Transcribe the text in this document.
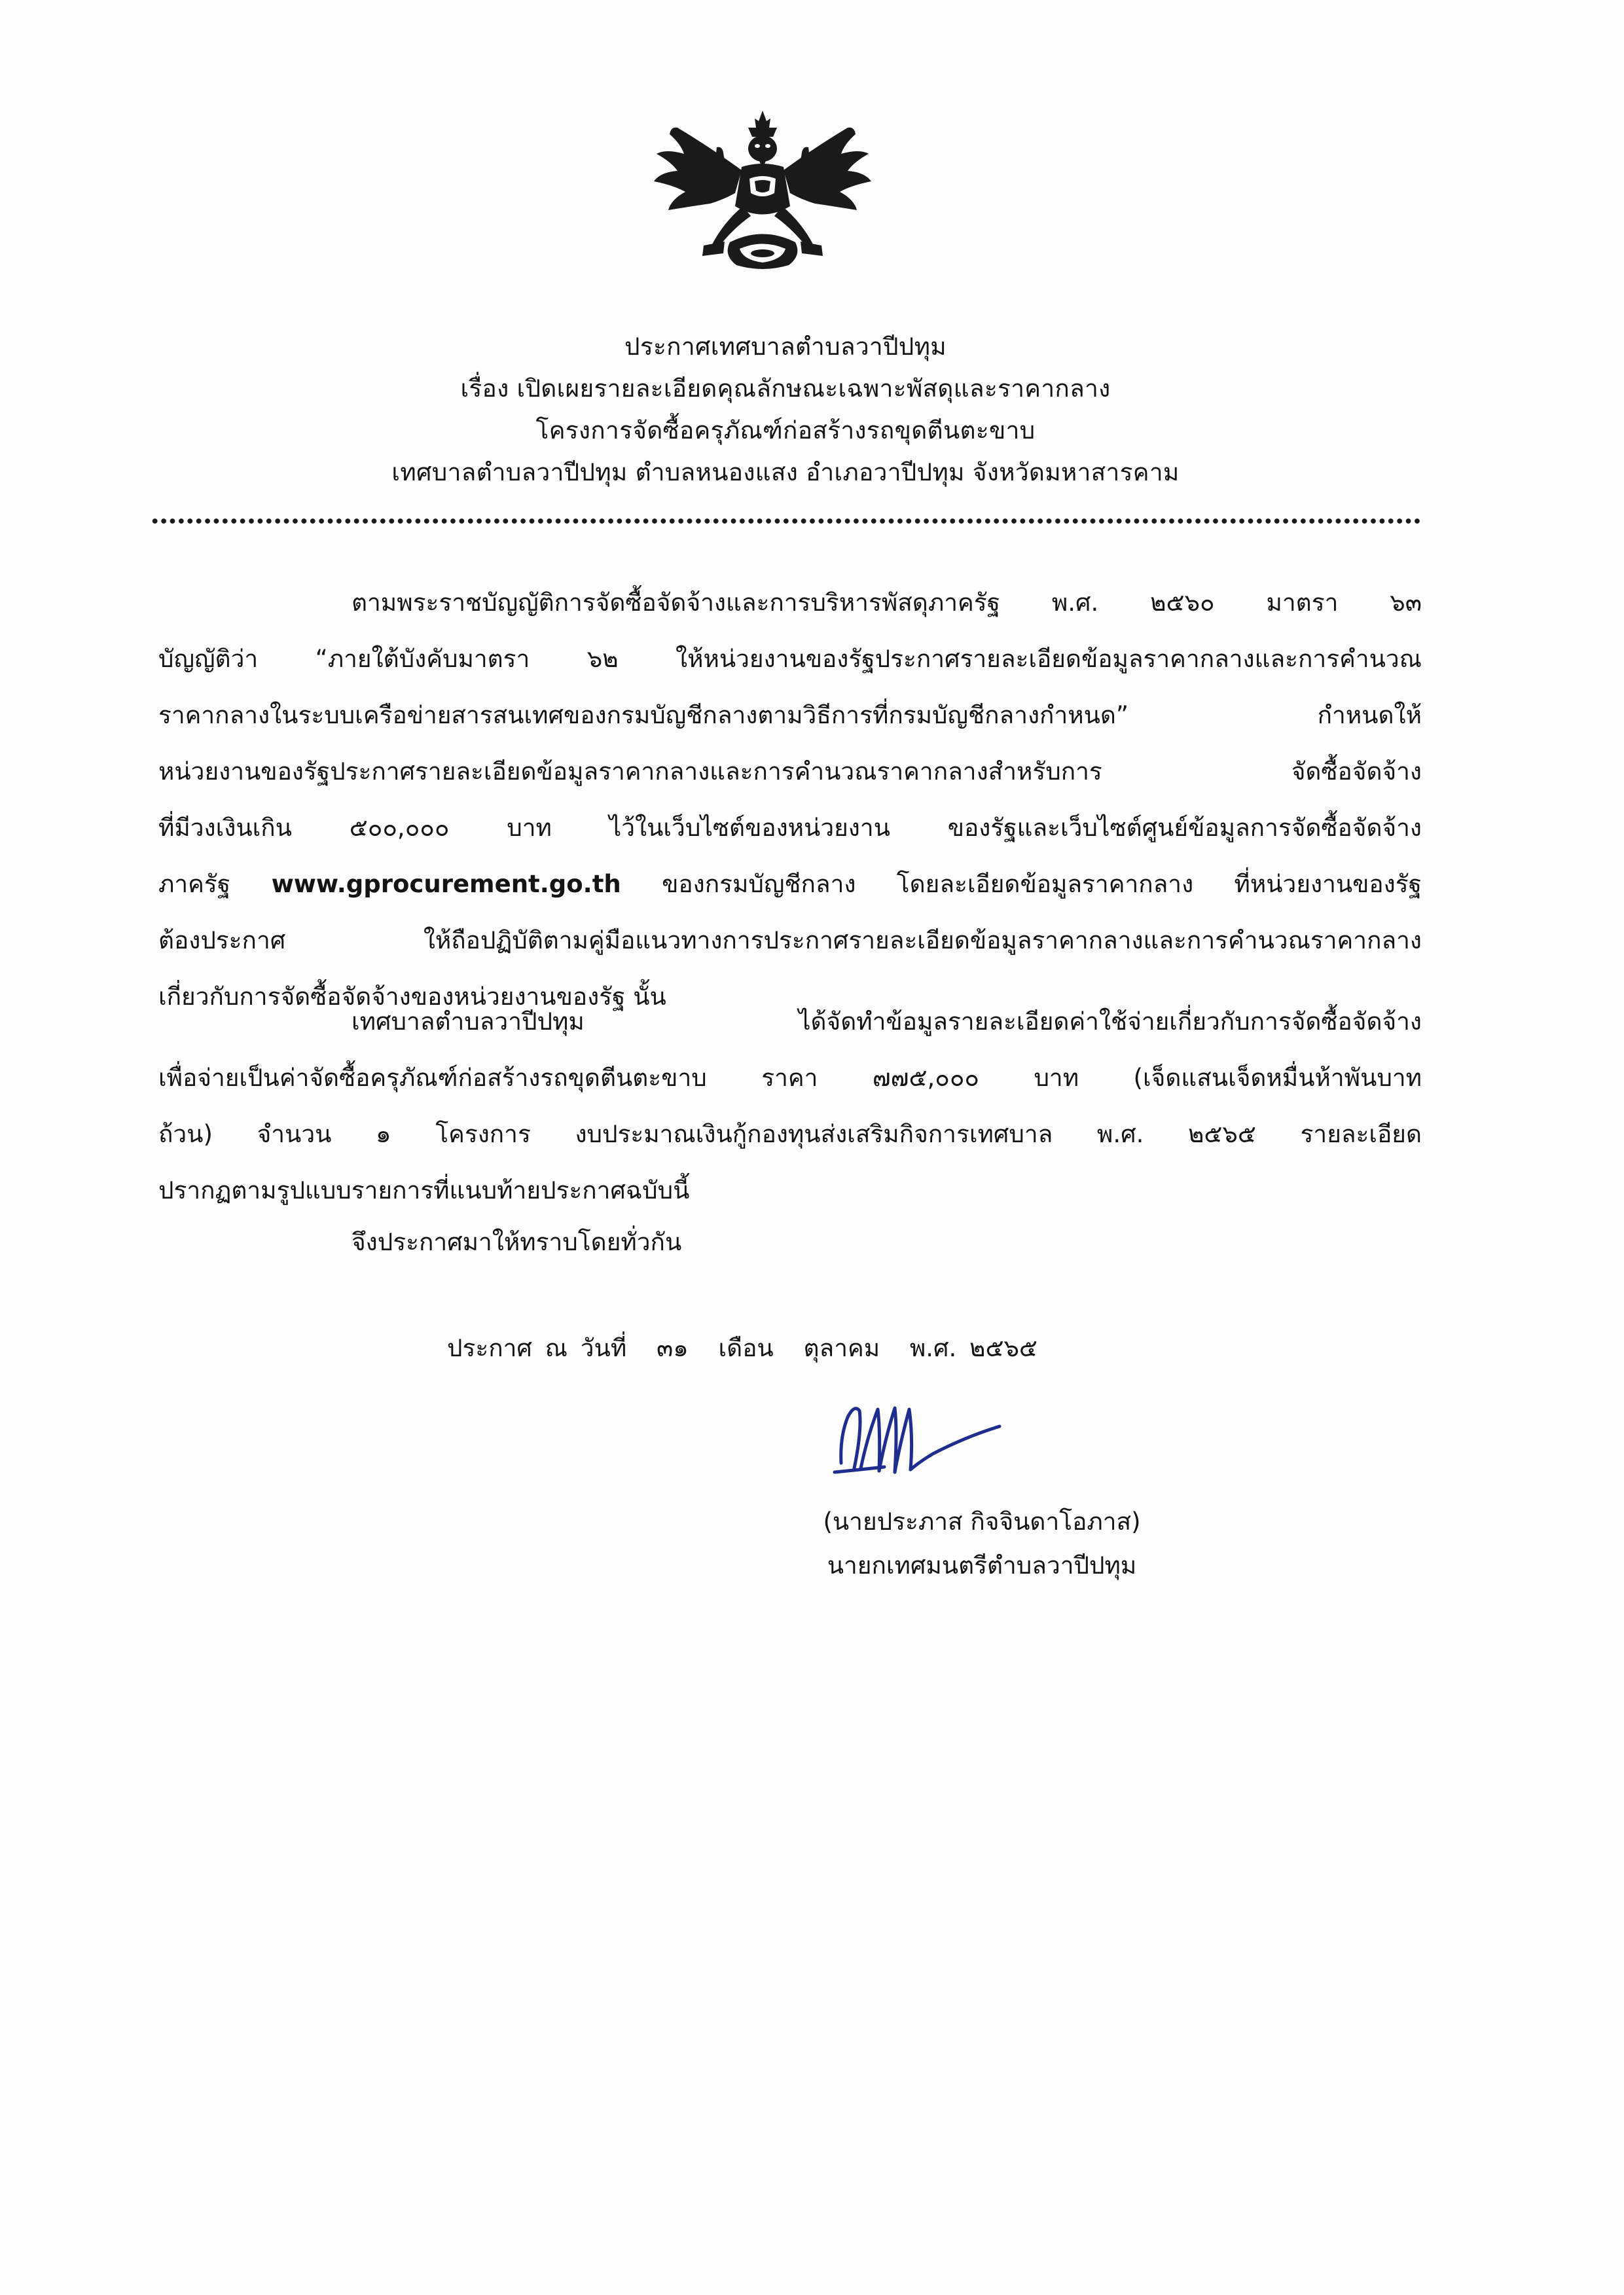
ประกาศเทศบาลตำบลวาปีปทุม
เรื่อง เปิดเผยรายละเอียดคุณลักษณะเฉพาะพัสดุและราคากลาง
โครงการจัดซื้อครุภัณฑ์ก่อสร้างรถขุดตีนตะขาบ
เทศบาลตำบลวาปีปทุม ตำบลหนองแสง อำเภอวาปีปทุม จังหวัดมหาสารคาม
ตามพระราชบัญญัติการจัดซื้อจัดจ้างและการบริหารพัสดุภาครัฐ พ.ศ. ๒๕๖๐ มาตรา ๖๓
บัญญัติว่า “ภายใต้บังคับมาตรา ๖๒ ให้หน่วยงานของรัฐประกาศรายละเอียดข้อมูลราคากลางและการคำนวณ
ราคากลางในระบบเครือข่ายสารสนเทศของกรมบัญชีกลางตามวิธีการที่กรมบัญชีกลางกำหนด” กำหนดให้
หน่วยงานของรัฐประกาศรายละเอียดข้อมูลราคากลางและการคำนวณราคากลางสำหรับการ จัดซื้อจัดจ้าง
ที่มีวงเงินเกิน ๕๐๐,๐๐๐ บาท ไว้ในเว็บไซต์ของหน่วยงาน ของรัฐและเว็บไซต์ศูนย์ข้อมูลการจัดซื้อจัดจ้าง
ภาครัฐ www.gprocurement.go.th ของกรมบัญชีกลาง โดยละเอียดข้อมูลราคากลาง ที่หน่วยงานของรัฐ
ต้องประกาศ ให้ถือปฏิบัติตามคู่มือแนวทางการประกาศรายละเอียดข้อมูลราคากลางและการคำนวณราคากลาง
เกี่ยวกับการจัดซื้อจัดจ้างของหน่วยงานของรัฐ นั้น
เทศบาลตำบลวาปีปทุม ได้จัดทำข้อมูลรายละเอียดค่าใช้จ่ายเกี่ยวกับการจัดซื้อจัดจ้าง
เพื่อจ่ายเป็นค่าจัดซื้อครุภัณฑ์ก่อสร้างรถขุดตีนตะขาบ ราคา ๗๗๕,๐๐๐ บาท (เจ็ดแสนเจ็ดหมื่นห้าพันบาท
ถ้วน) จำนวน ๑ โครงการ งบประมาณเงินกู้กองทุนส่งเสริมกิจการเทศบาล พ.ศ. ๒๕๖๕ รายละเอียด
ปรากฏตามรูปแบบรายการที่แนบท้ายประกาศฉบับนี้
จึงประกาศมาให้ทราบโดยทั่วกัน
ประกาศ ณ วันที่ ๓๑ เดือน ตุลาคม พ.ศ. ๒๕๖๕
(นายประภาส กิจจินดาโอภาส)
นายกเทศมนตรีตำบลวาปีปทุม
